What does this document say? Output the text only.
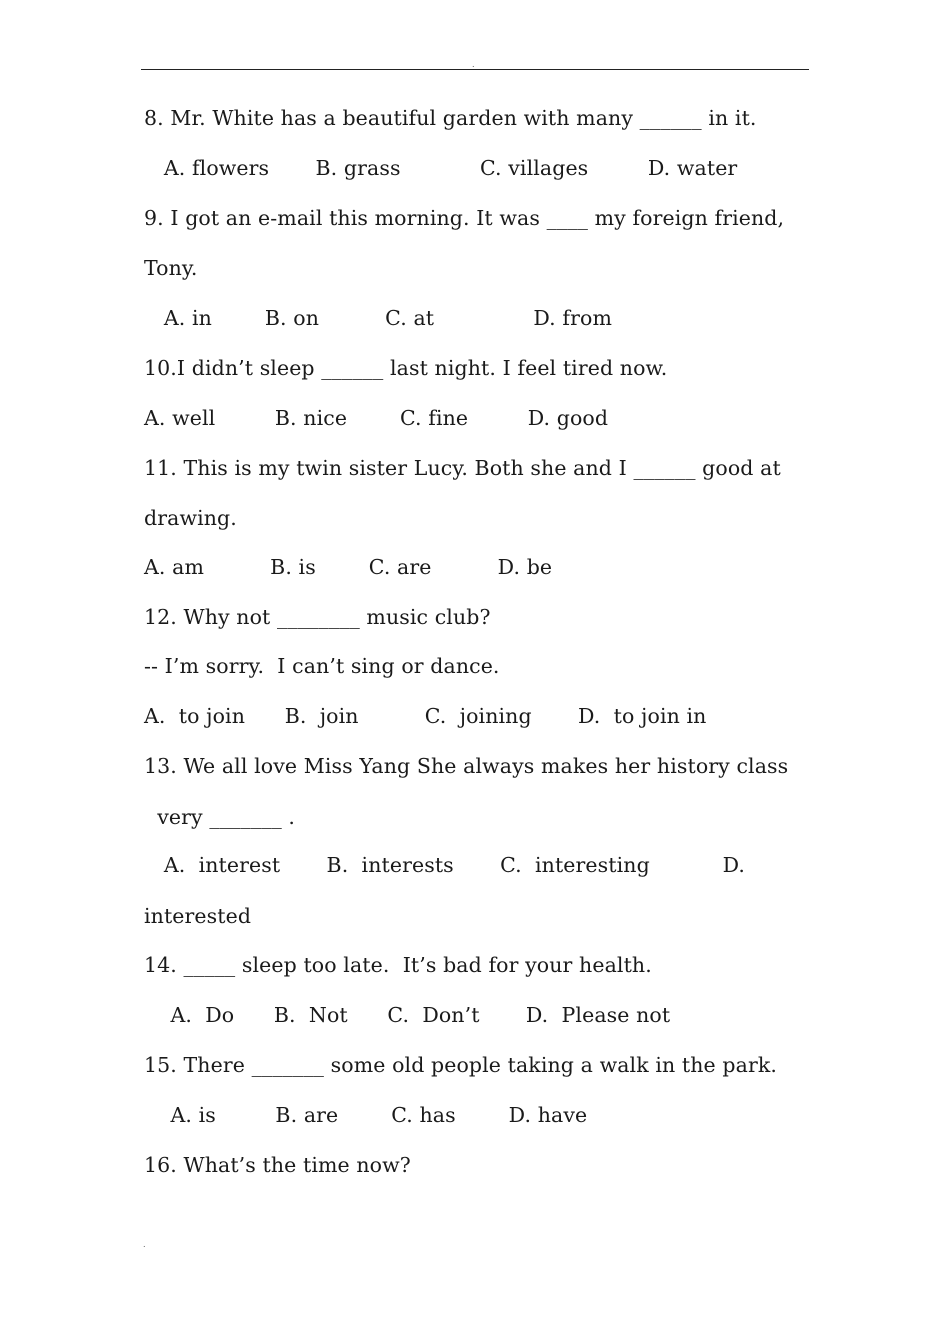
.
8. Mr. White has a beautiful garden with many ______ in it.
A. flowers       B. grass            C. villages         D. water
9. I got an e-mail this morning. It was ____ my foreign friend,
Tony.
A. in        B. on          C. at               D. from
10.I didn’t sleep ______ last night. I feel tired now.
A. well         B. nice        C. fine         D. good
11. This is my twin sister Lucy. Both she and I ______ good at
drawing.
A. am          B. is        C. are          D. be
12. Why not ________ music club?
-- I’m sorry.  I can’t sing or dance.
A.  to join      B.  join          C.  joining       D.  to join in
13. We all love Miss Yang She always makes her history class
very _______ .
A.  interest       B.  interests       C.  interesting           D.
interested
14. _____ sleep too late.  It’s bad for your health.
A.  Do      B.  Not      C.  Don’t       D.  Please not
15. There _______ some old people taking a walk in the park.
A. is         B. are        C. has        D. have
16. What’s the time now?
.
